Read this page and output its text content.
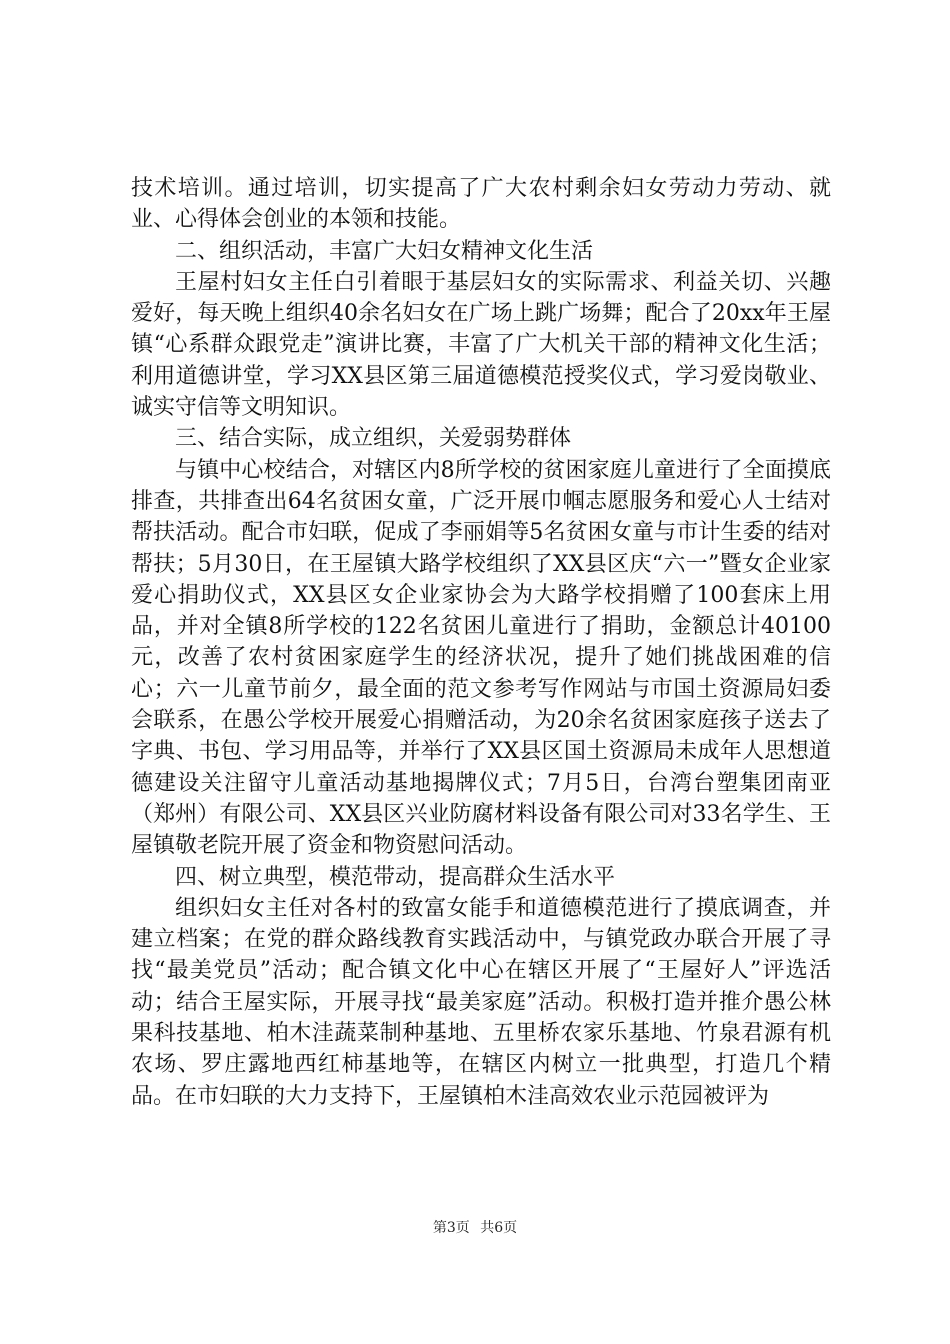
技术培训。通过培训，切实提高了广大农村剩余妇女劳动力劳动、就业、心得体会创业的本领和技能。

二、组织活动，丰富广大妇女精神文化生活

王屋村妇女主任白引着眼于基层妇女的实际需求、利益关切、兴趣爱好，每天晚上组织40余名妇女在广场上跳广场舞；配合了20xx年王屋镇“心系群众跟党走”演讲比赛，丰富了广大机关干部的精神文化生活；利用道德讲堂，学习XX县区第三届道德模范授奖仪式，学习爱岗敬业、诚实守信等文明知识。

三、结合实际，成立组织，关爱弱势群体

与镇中心校结合，对辖区内8所学校的贫困家庭儿童进行了全面摸底排查，共排查出64名贫困女童，广泛开展巾帼志愿服务和爱心人士结对帮扶活动。配合市妇联，促成了李丽娟等5名贫困女童与市计生委的结对帮扶；5月30日，在王屋镇大路学校组织了XX县区庆“六一”暨女企业家爱心捐助仪式，XX县区女企业家协会为大路学校捐赠了100套床上用品，并对全镇8所学校的122名贫困儿童进行了捐助，金额总计40100元，改善了农村贫困家庭学生的经济状况，提升了她们挑战困难的信心；六一儿童节前夕，最全面的范文参考写作网站与市国土资源局妇委会联系，在愚公学校开展爱心捐赠活动，为20余名贫困家庭孩子送去了字典、书包、学习用品等，并举行了XX县区国土资源局未成年人思想道德建设关注留守儿童活动基地揭牌仪式；7月5日，台湾台塑集团南亚（郑州）有限公司、XX县区兴业防腐材料设备有限公司对33名学生、王屋镇敬老院开展了资金和物资慰问活动。

四、树立典型，模范带动，提高群众生活水平

组织妇女主任对各村的致富女能手和道德模范进行了摸底调查，并建立档案；在党的群众路线教育实践活动中，与镇党政办联合开展了寻找“最美党员”活动；配合镇文化中心在辖区开展了“王屋好人”评选活动；结合王屋实际，开展寻找“最美家庭”活动。积极打造并推介愚公林果科技基地、柏木洼蔬菜制种基地、五里桥农家乐基地、竹泉君源有机农场、罗庄露地西红柿基地等，在辖区内树立一批典型，打造几个精品。在市妇联的大力支持下，王屋镇柏木洼高效农业示范园被评为

第3页 共6页
